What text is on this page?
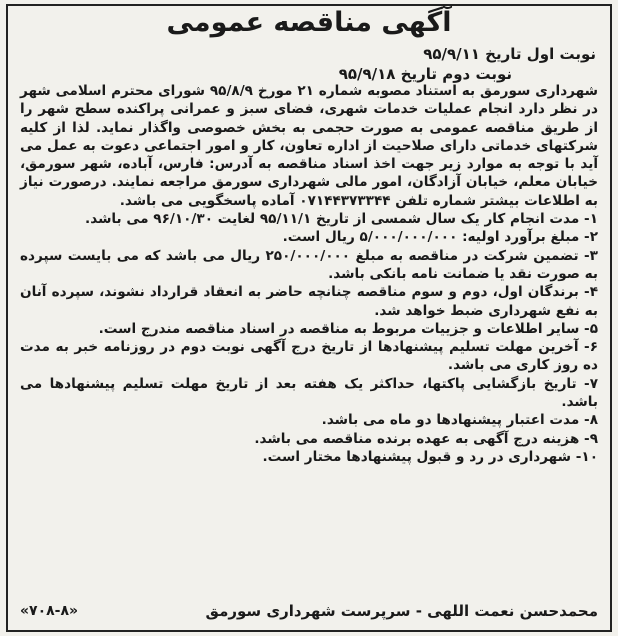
آگهی مناقصه عمومی
نوبت اول تاریخ ۹۵/۹/۱۱
نوبت دوم تاریخ ۹۵/۹/۱۸

شهرداری سورمق به استناد مصوبه شماره ۲۱ مورخ ۹۵/۸/۹ شورای محترم اسلامی شهر در نظر دارد انجام عملیات خدمات شهری، فضای سبز و عمرانی پراکنده سطح شهر را از طریق مناقصه عمومی به صورت حجمی به بخش خصوصی واگذار نماید. لذا از کلیه شرکتهای خدماتی دارای صلاحیت از اداره تعاون، کار و امور اجتماعی دعوت به عمل می آید با توجه به موارد زیر جهت اخذ اسناد مناقصه به آدرس: فارس، آباده، شهر سورمق، خیابان معلم، خیابان آزادگان، امور مالی شهرداری سورمق مراجعه نمایند. درصورت نیاز به اطلاعات بیشتر شماره تلفن ۰۷۱۴۴۳۷۳۳۴۴ آماده پاسخگویی می باشد.

۱- مدت انجام کار یک سال شمسی از تاریخ ۹۵/۱۱/۱ لغایت ۹۶/۱۰/۳۰ می باشد.
۲- مبلغ برآورد اولیه: ۵/۰۰۰/۰۰۰/۰۰۰ ریال است.
۳- تضمین شرکت در مناقصه به مبلغ ۲۵۰/۰۰۰/۰۰۰ ریال می باشد که می بایست سپرده به صورت نقد یا ضمانت نامه بانکی باشد.
۴- برندگان اول، دوم و سوم مناقصه چنانچه حاضر به انعقاد قرارداد نشوند، سپرده آنان به نفع شهرداری ضبط خواهد شد.
۵- سایر اطلاعات و جزییات مربوط به مناقصه در اسناد مناقصه مندرج است.
۶- آخرین مهلت تسلیم پیشنهادها از تاریخ درج آگهی نوبت دوم در روزنامه خبر به مدت ده روز کاری می باشد.
۷- تاریخ بازگشایی پاکتها، حداکثر یک هفته بعد از تاریخ مهلت تسلیم پیشنهادها می باشد.
۸- مدت اعتبار پیشنهادها دو ماه می باشد.
۹- هزینه درج آگهی به عهده برنده مناقصه می باشد.
۱۰- شهرداری در رد و قبول پیشنهادها مختار است.
محمدحسن نعمت اللهی - سرپرست شهرداری سورمق
«۷۰۸-۸»
